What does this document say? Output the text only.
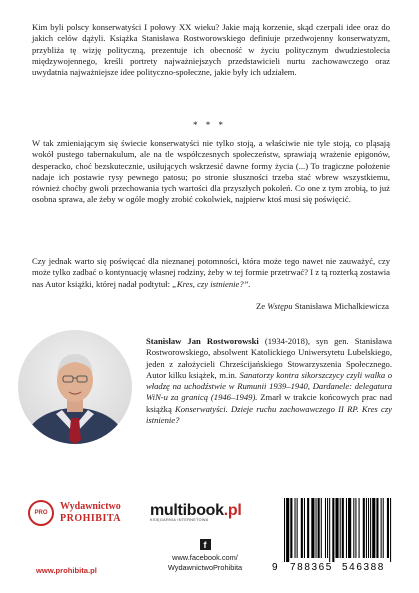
Kim byli polscy konserwatyści I połowy XX wieku? Jakie mają korzenie, skąd czerpali idee oraz do jakich celów dążyli. Książka Stanisława Rostworowskiego definiuje przedwojenny konserwatyzm, przybliża tę wizję polityczną, prezentuje ich obecność w życiu politycznym dwudziestolecia międzywojennego, kreśli portrety najważniejszych przedstawicieli nurtu zachowawczego oraz uwydatnia najważniejsze idee polityczno-społeczne, jakie były ich udziałem.

* * *

W tak zmieniającym się świecie konserwatyści nie tylko stoją, a właściwie nie tyle stoją, co pląsają wokół pustego tabernakulum, ale na tle współczesnych społeczeństw, sprawiają wrażenie epigonów, desperacko, choć bezskutecznie, usiłujących wskrzesić dawne formy życia (...) To tragiczne położenie nadaje ich postawie rysy pewnego patosu; po stronie słuszności trzeba stać wbrew wszystkiemu, również choćby gwoli przechowania tych wartości dla przyszłych pokoleń. Co one z tym zrobią, to już osobna sprawa, ale żeby w ogóle mogły zrobić cokolwiek, najpierw ktoś musi się poświęcić.

Czy jednak warto się poświęcać dla nieznanej potomności, która może tego nawet nie zauważyć, czy może tylko zadbać o kontynuację własnej rodziny, żeby w tej formie przetrwać? I z tą rozterką zostawia nas Autor książki, której nadał podtytuł: „Kres, czy istnienie?”.

Ze Wstępu Stanisława Michalkiewicza

Stanisław Jan Rostworowski (1934-2018), syn gen. Stanisława Rostworowskiego, absolwent Katolickiego Uniwersytetu Lubelskiego, jeden z założycieli Chrześcijańskiego Stowarzyszenia Społecznego. Autor kilku książek, m.in. Sanatorzy kontra sikorszczycy czyli walka o władzę na uchodźstwie w Rumunii 1939–1940, Dardanele: delegatura WiN-u za granicą (1946–1949). Zmarł w trakcie końcowych prac nad książką Konserwatyści. Dzieje ruchu zachowawczego II RP. Kres czy istnienie?

PRO
Wydawnictwo
PROHIBITA
www.prohibita.pl
multibook.pl
KSIĘGARNIA INTERNETOWA
f
www.facebook.com/
WydawnictwoProhibita	9 788365 546388
